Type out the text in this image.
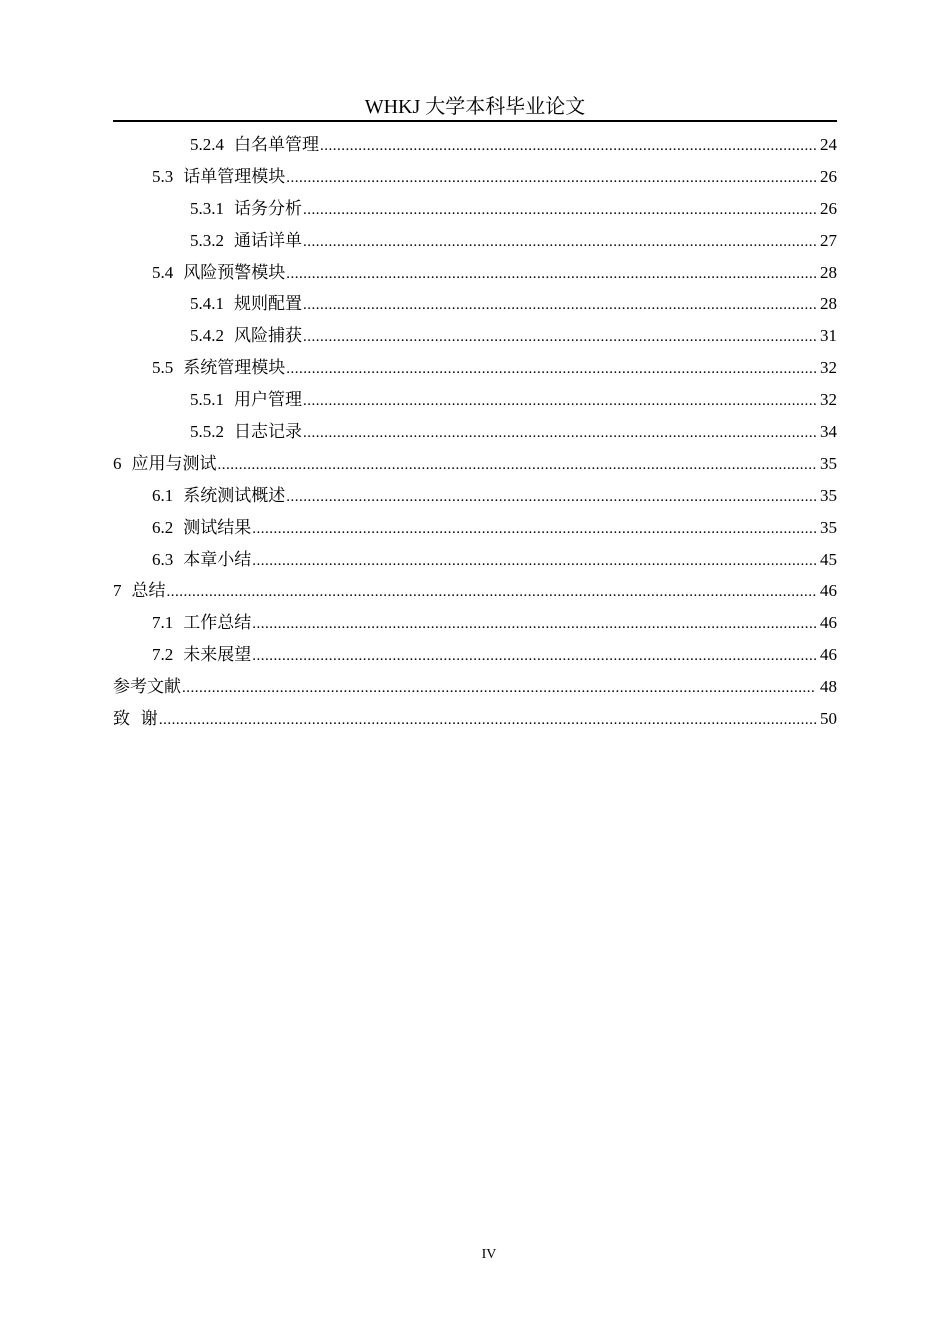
WHKJ 大学本科毕业论文
5.2.4 白名单管理 .....	24
5.3 话单管理模块 .....	26
5.3.1 话务分析 .....	26
5.3.2 通话详单 .....	27
5.4 风险预警模块 .....	28
5.4.1 规则配置 .....	28
5.4.2 风险捕获 .....	31
5.5 系统管理模块 .....	32
5.5.1 用户管理 .....	32
5.5.2 日志记录 .....	34
6 应用与测试 .....	35
6.1 系统测试概述 .....	35
6.2 测试结果 .....	35
6.3 本章小结 .....	45
7 总结 .....	46
7.1 工作总结 .....	46
7.2 未来展望 .....	46
参考文献 .....	48
致  谢 .....	50
IV
